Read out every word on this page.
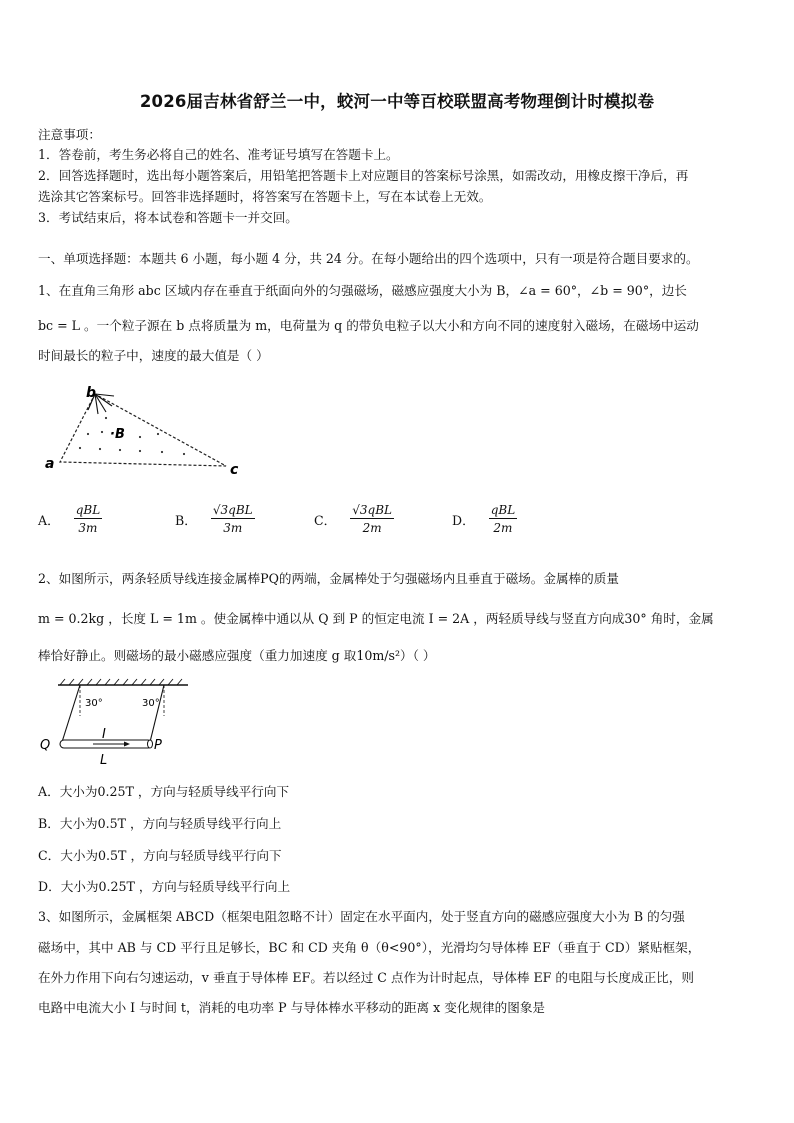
2026届吉林省舒兰一中，蛟河一中等百校联盟高考物理倒计时模拟卷
注意事项：
1．答卷前，考生务必将自己的姓名、准考证号填写在答题卡上。
2．回答选择题时，选出每小题答案后，用铅笔把答题卡上对应题目的答案标号涂黑，如需改动，用橡皮擦干净后，再
选涂其它答案标号。回答非选择题时，将答案写在答题卡上，写在本试卷上无效。
3．考试结束后，将本试卷和答题卡一并交回。
一、单项选择题：本题共 6 小题，每小题 4 分，共 24 分。在每小题给出的四个选项中，只有一项是符合题目要求的。
1、在直角三角形 abc 区域内存在垂直于纸面向外的匀强磁场，磁感应强度大小为 B，∠a = 60°，∠b = 90°，边长
bc = L 。一个粒子源在 b 点将质量为 m，电荷量为 q 的带负电粒子以大小和方向不同的速度射入磁场，在磁场中运动
时间最长的粒子中，速度的最大值是（ ）
b
·B
a	c
A． $\frac{\text{qBL}}{3m}$	B． $\frac{\text{√3qBL}}{3m}$	C． $\frac{\text{√3qBL}}{2m}$	D． $\frac{\text{qBL}}{2m}$
2、如图所示，两条轻质导线连接金属棒PQ的两端，金属棒处于匀强磁场内且垂直于磁场。金属棒的质量
m = 0.2kg ，长度 L = 1m 。使金属棒中通以从 Q 到 P 的恒定电流 I = 2A ，两轻质导线与竖直方向成30° 角时，金属
棒恰好静止。则磁场的最小磁感应强度（重力加速度 g 取10m/s²）（ ）
30°	30°
I
Q	P
L
A．大小为0.25T ，方向与轻质导线平行向下
B．大小为0.5T ，方向与轻质导线平行向上
C．大小为0.5T ，方向与轻质导线平行向下
D．大小为0.25T ，方向与轻质导线平行向上
3、如图所示，金属框架 ABCD（框架电阻忽略不计）固定在水平面内，处于竖直方向的磁感应强度大小为 B 的匀强
磁场中，其中 AB 与 CD 平行且足够长，BC 和 CD 夹角 θ（θ<90°），光滑均匀导体棒 EF（垂直于 CD）紧贴框架，
在外力作用下向右匀速运动，v 垂直于导体棒 EF。若以经过 C 点作为计时起点，导体棒 EF 的电阻与长度成正比，则
电路中电流大小 I 与时间 t，消耗的电功率 P 与导体棒水平移动的距离 x 变化规律的图象是
